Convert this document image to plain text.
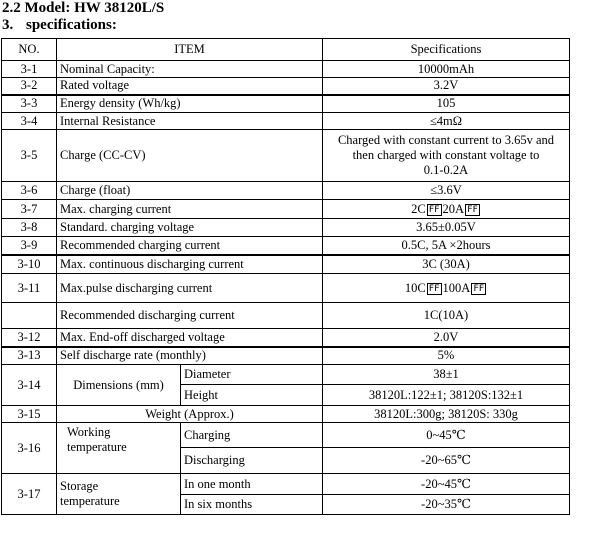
2.2 Model: HW 38120L/S
3. specifications:
NO.	ITEM		Specifications
3-1	Nominal Capacity:		10000mAh
3-2	Rated voltage		3.2V
3-3	Energy density (Wh/kg)		105
3-4	Internal Resistance		≤4mΩ
3-5	Charge (CC-CV)		Charged with constant current to 3.65v and
then charged with constant voltage to
0.1-0.2A

3-6	Charge (float)		≤3.6V
3-7	Max. charging current		2C FF 20A FF
3-8	Standard. charging voltage		3.65±0.05V
3-9	Recommended charging current		0.5C, 5A ×2hours
3-10	Max. continuous discharging current		3C (30A)
3-11	Max.pulse discharging current		10C FF 100A FF
	Recommended discharging current		1C(10A)
3-12	Max. End-off discharged voltage		2.0V
3-13	Self discharge rate (monthly)		5%
3-14	Dimensions (mm)	Diameter	38±1
		Height	38120L:122±1; 38120S:132±1
3-15	Weight (Approx.)		38120L:300g; 38120S: 330g
3-16	Working
temperature	Charging	0~45℃
		Discharging	-20~65℃
3-17	Storage
temperature	In one month	-20~45℃
		In six months	-20~35℃
